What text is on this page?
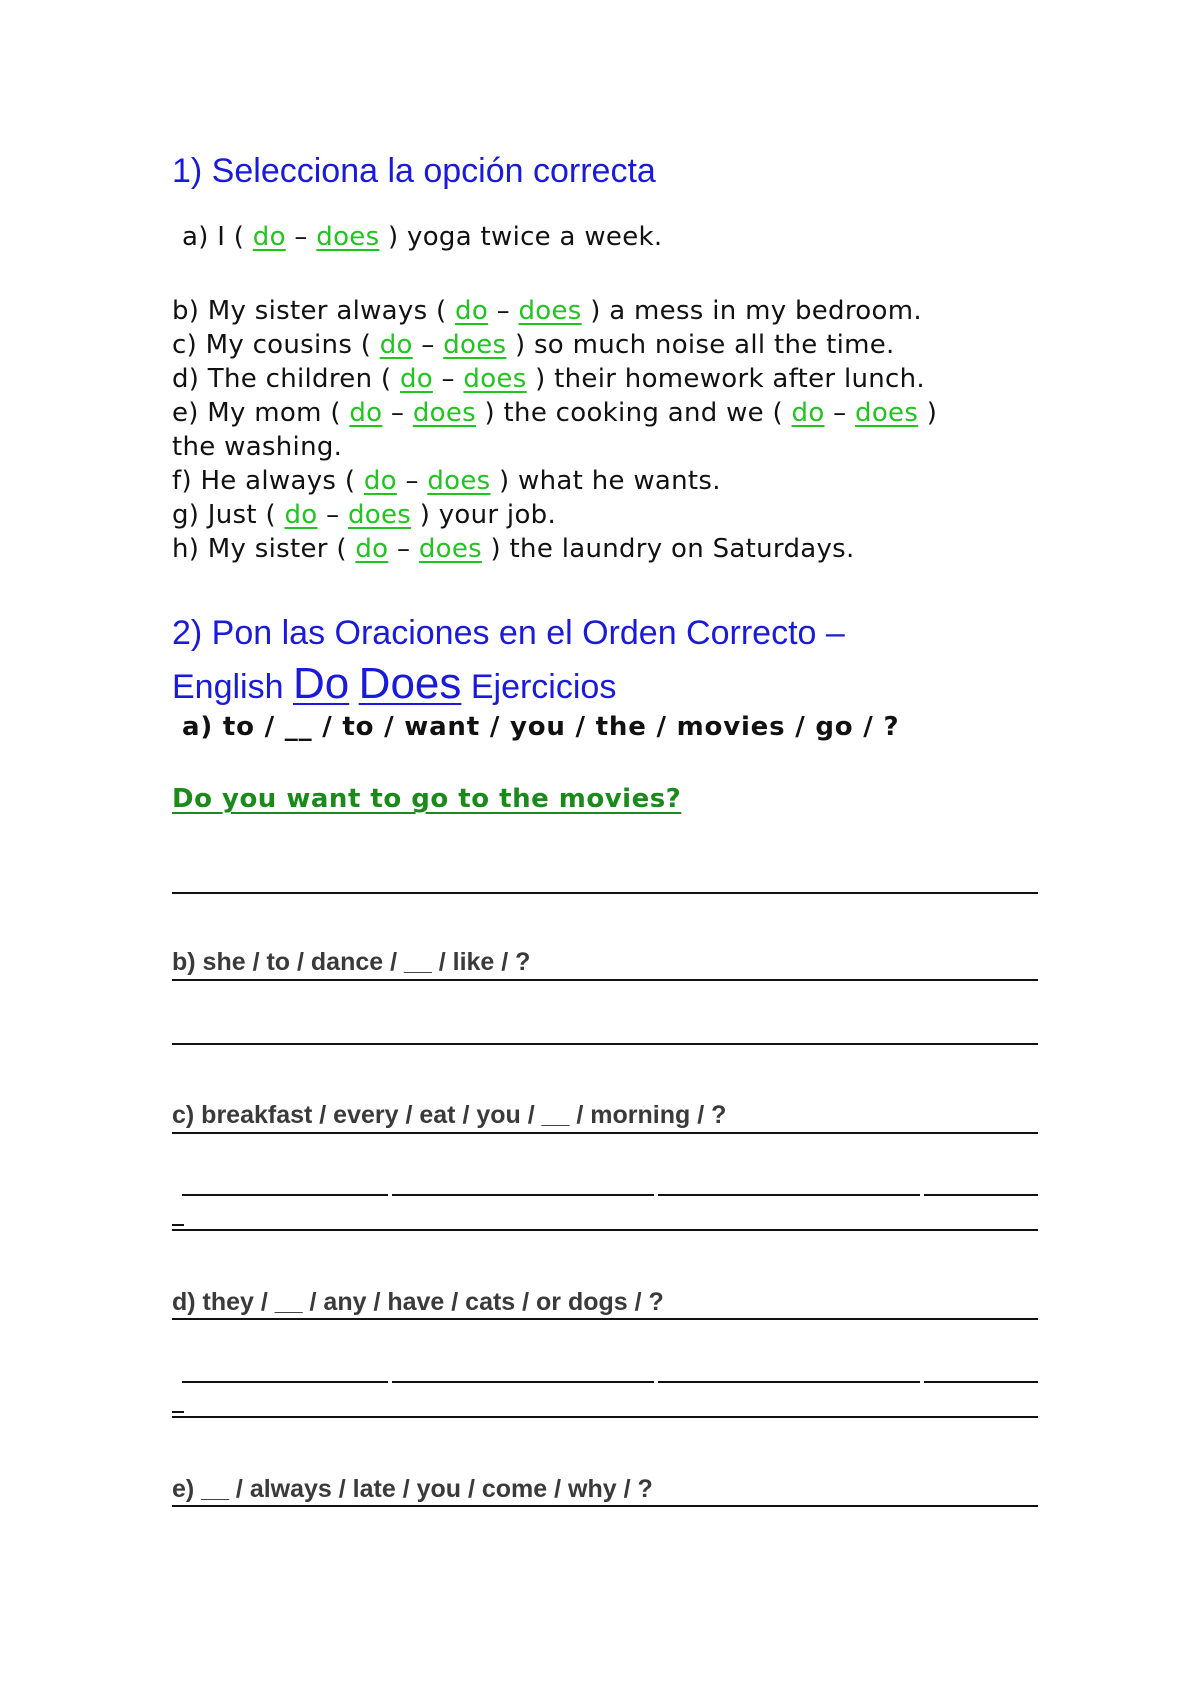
1) Selecciona la opción correcta
a) I ( do – does ) yoga twice a week.
b) My sister always ( do – does ) a mess in my bedroom.
c) My cousins ( do – does ) so much noise all the time.
d) The children ( do – does ) their homework after lunch.
e) My mom ( do – does ) the cooking and we ( do – does )
the washing.
f) He always ( do – does ) what he wants.
g) Just ( do – does ) your job.
h) My sister ( do – does ) the laundry on Saturdays.
2) Pon las Oraciones en el Orden Correcto –
English Do Does Ejercicios
a) to / __ / to / want / you / the / movies / go / ?
Do you want to go to the movies?
b) she / to / dance / __ / like / ?
c) breakfast / every / eat / you / __ / morning / ?
d) they / __ / any / have / cats / or dogs / ?
e) __ / always / late / you / come / why / ?
